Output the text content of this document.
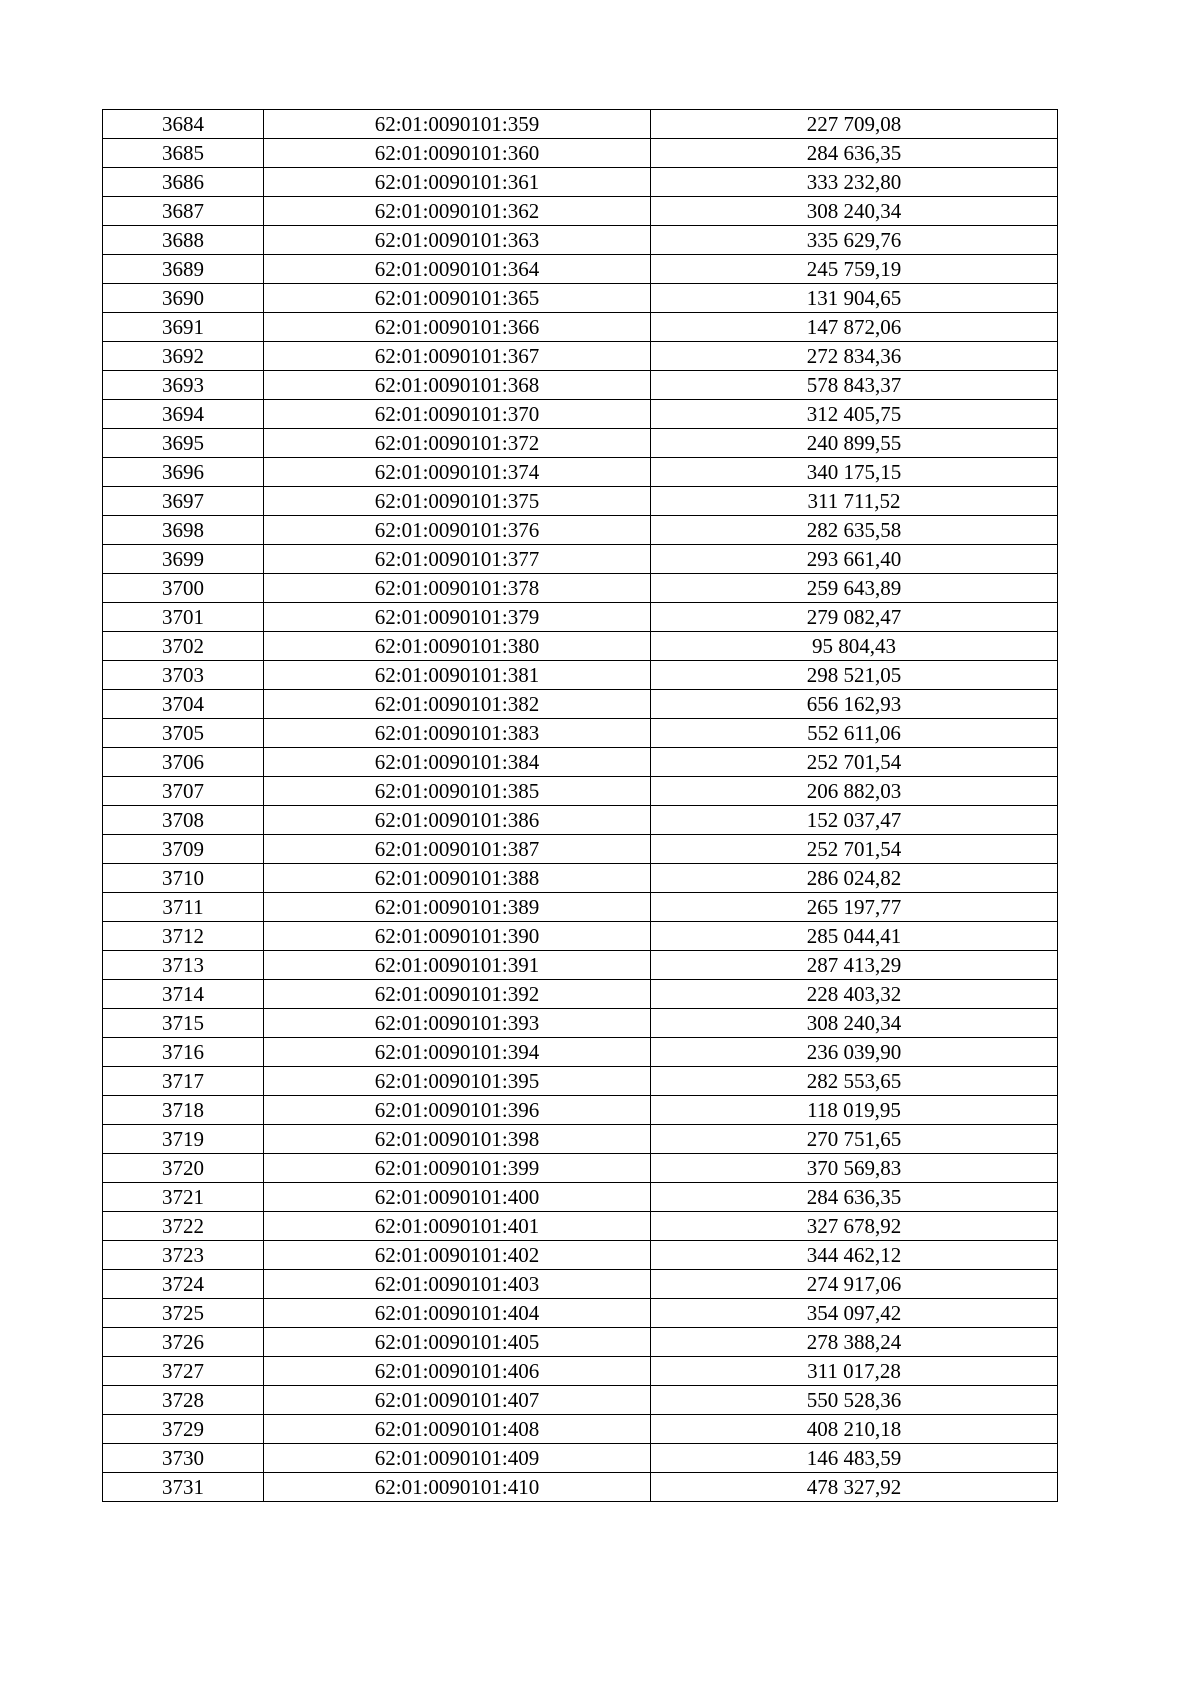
3684	62:01:0090101:359	227 709,08
3685	62:01:0090101:360	284 636,35
3686	62:01:0090101:361	333 232,80
3687	62:01:0090101:362	308 240,34
3688	62:01:0090101:363	335 629,76
3689	62:01:0090101:364	245 759,19
3690	62:01:0090101:365	131 904,65
3691	62:01:0090101:366	147 872,06
3692	62:01:0090101:367	272 834,36
3693	62:01:0090101:368	578 843,37
3694	62:01:0090101:370	312 405,75
3695	62:01:0090101:372	240 899,55
3696	62:01:0090101:374	340 175,15
3697	62:01:0090101:375	311 711,52
3698	62:01:0090101:376	282 635,58
3699	62:01:0090101:377	293 661,40
3700	62:01:0090101:378	259 643,89
3701	62:01:0090101:379	279 082,47
3702	62:01:0090101:380	95 804,43
3703	62:01:0090101:381	298 521,05
3704	62:01:0090101:382	656 162,93
3705	62:01:0090101:383	552 611,06
3706	62:01:0090101:384	252 701,54
3707	62:01:0090101:385	206 882,03
3708	62:01:0090101:386	152 037,47
3709	62:01:0090101:387	252 701,54
3710	62:01:0090101:388	286 024,82
3711	62:01:0090101:389	265 197,77
3712	62:01:0090101:390	285 044,41
3713	62:01:0090101:391	287 413,29
3714	62:01:0090101:392	228 403,32
3715	62:01:0090101:393	308 240,34
3716	62:01:0090101:394	236 039,90
3717	62:01:0090101:395	282 553,65
3718	62:01:0090101:396	118 019,95
3719	62:01:0090101:398	270 751,65
3720	62:01:0090101:399	370 569,83
3721	62:01:0090101:400	284 636,35
3722	62:01:0090101:401	327 678,92
3723	62:01:0090101:402	344 462,12
3724	62:01:0090101:403	274 917,06
3725	62:01:0090101:404	354 097,42
3726	62:01:0090101:405	278 388,24
3727	62:01:0090101:406	311 017,28
3728	62:01:0090101:407	550 528,36
3729	62:01:0090101:408	408 210,18
3730	62:01:0090101:409	146 483,59
3731	62:01:0090101:410	478 327,92
